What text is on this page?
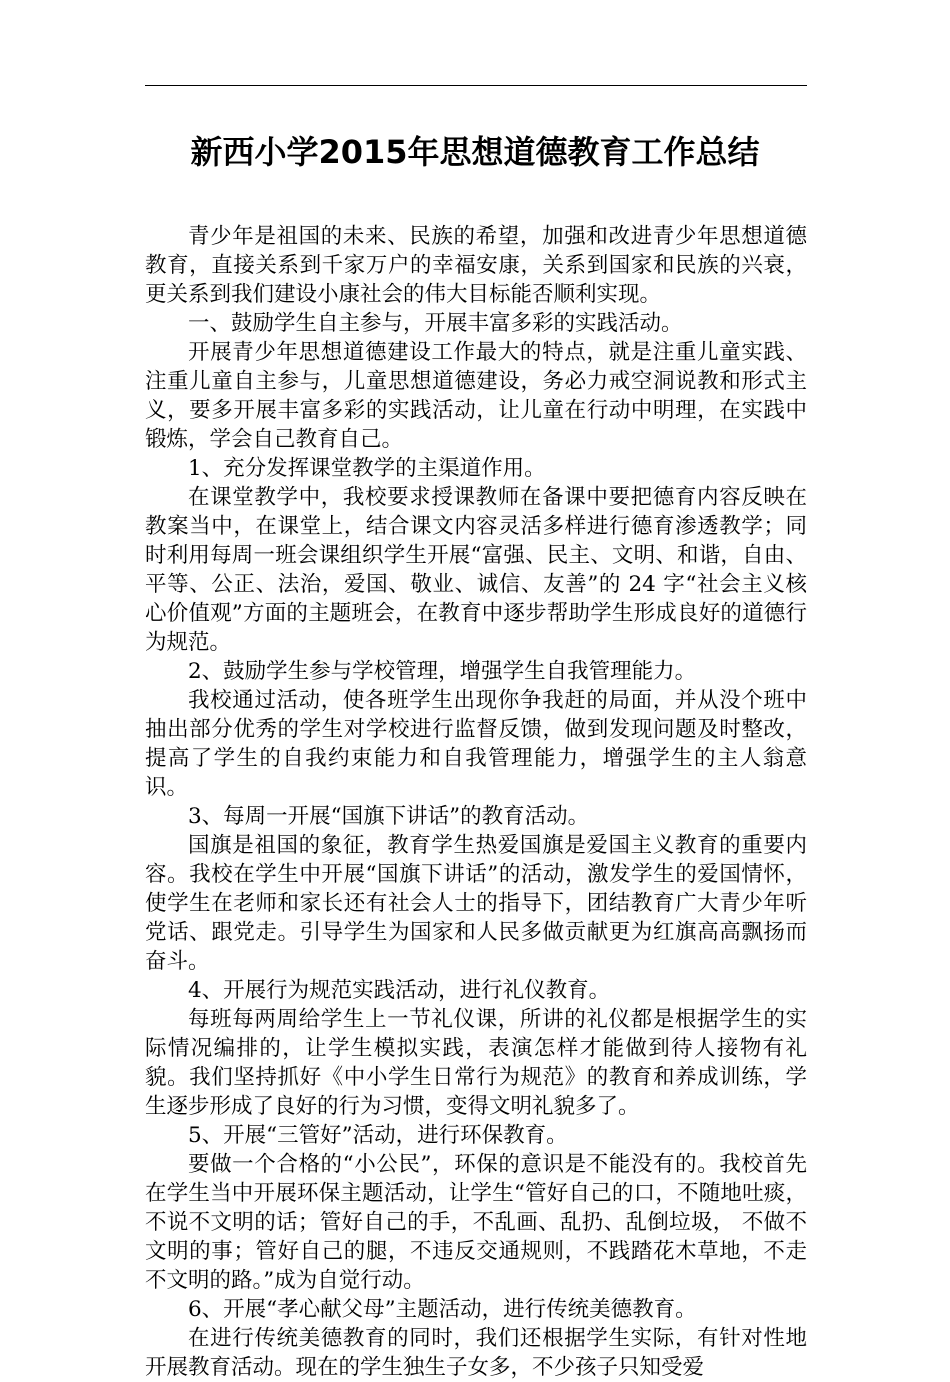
新西小学2015年思想道德教育工作总结

青少年是祖国的未来、民族的希望，加强和改进青少年思想道德教育，直接关系到千家万户的幸福安康，关系到国家和民族的兴衰，更关系到我们建设小康社会的伟大目标能否顺利实现。

一、鼓励学生自主参与，开展丰富多彩的实践活动。

开展青少年思想道德建设工作最大的特点，就是注重儿童实践、注重儿童自主参与，儿童思想道德建设，务必力戒空洞说教和形式主义，要多开展丰富多彩的实践活动，让儿童在行动中明理，在实践中锻炼，学会自己教育自己。

1、充分发挥课堂教学的主渠道作用。

在课堂教学中，我校要求授课教师在备课中要把德育内容反映在教案当中，在课堂上，结合课文内容灵活多样进行德育渗透教学；同时利用每周一班会课组织学生开展“富强、民主、文明、和谐，自由、平等、公正、法治，爱国、敬业、诚信、友善”的 24 字“社会主义核心价值观”方面的主题班会，在教育中逐步帮助学生形成良好的道德行为规范。

2、鼓励学生参与学校管理，增强学生自我管理能力。

我校通过活动，使各班学生出现你争我赶的局面，并从没个班中抽出部分优秀的学生对学校进行监督反馈，做到发现问题及时整改，提高了学生的自我约束能力和自我管理能力，增强学生的主人翁意识。

3、每周一开展“国旗下讲话”的教育活动。

国旗是祖国的象征，教育学生热爱国旗是爱国主义教育的重要内容。我校在学生中开展“国旗下讲话”的活动，激发学生的爱国情怀，使学生在老师和家长还有社会人士的指导下，团结教育广大青少年听党话、跟党走。引导学生为国家和人民多做贡献更为红旗高高飘扬而奋斗。

4、开展行为规范实践活动，进行礼仪教育。

每班每两周给学生上一节礼仪课，所讲的礼仪都是根据学生的实际情况编排的，让学生模拟实践，表演怎样才能做到待人接物有礼貌。我们坚持抓好《中小学生日常行为规范》的教育和养成训练，学生逐步形成了良好的行为习惯，变得文明礼貌多了。

5、开展“三管好”活动，进行环保教育。

要做一个合格的“小公民”，环保的意识是不能没有的。我校首先在学生当中开展环保主题活动，让学生“管好自己的口，不随地吐痰，不说不文明的话；管好自己的手，不乱画、乱扔、乱倒垃圾， 不做不文明的事；管好自己的腿，不违反交通规则，不践踏花木草地，不走不文明的路。”成为自觉行动。

6、开展“孝心献父母”主题活动，进行传统美德教育。

在进行传统美德教育的同时，我们还根据学生实际，有针对性地开展教育活动。现在的学生独生子女多，不少孩子只知受爱
